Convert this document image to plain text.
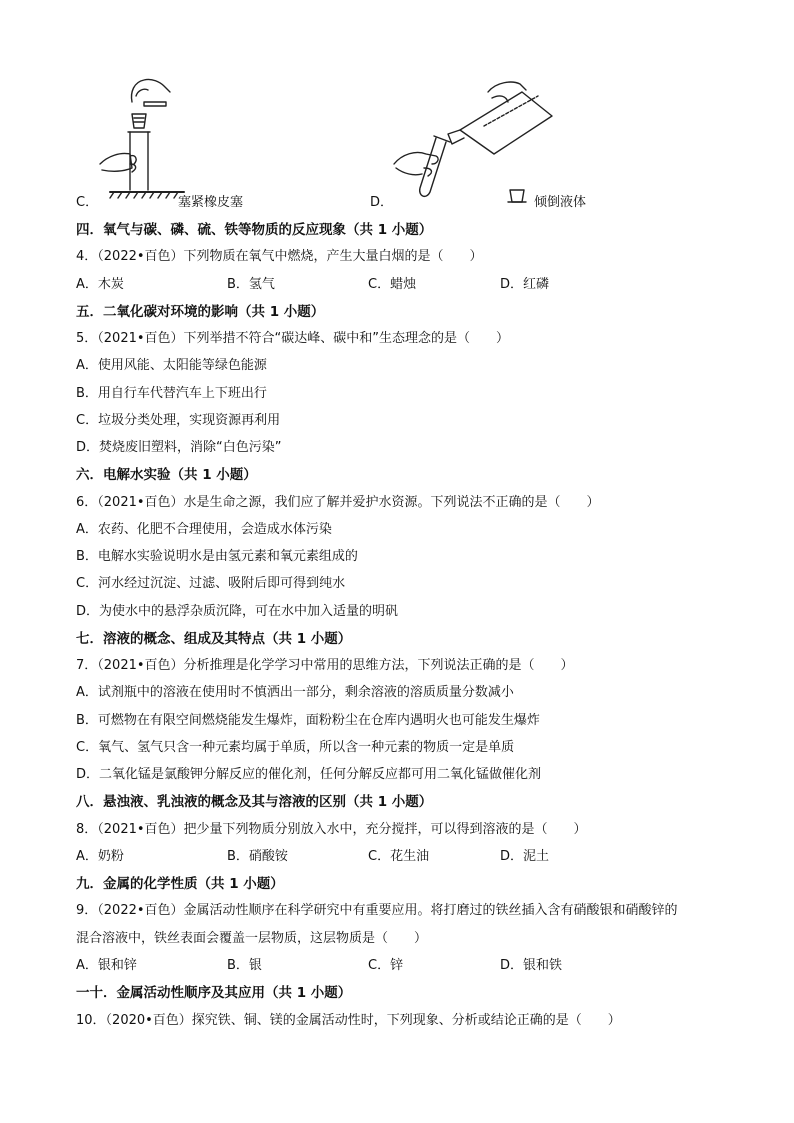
C．	塞紧橡皮塞	D．	倾倒液体
四．氧气与碳、磷、硫、铁等物质的反应现象（共 1 小题）
4．（2022•百色）下列物质在氧气中燃烧，产生大量白烟的是（　　）
A．木炭	B．氢气	C．蜡烛	D．红磷
五．二氧化碳对环境的影响（共 1 小题）
5．（2021•百色）下列举措不符合“碳达峰、碳中和”生态理念的是（　　）
A．使用风能、太阳能等绿色能源
B．用自行车代替汽车上下班出行
C．垃圾分类处理，实现资源再利用
D．焚烧废旧塑料，消除“白色污染”
六．电解水实验（共 1 小题）
6．（2021•百色）水是生命之源，我们应了解并爱护水资源。下列说法不正确的是（　　）
A．农药、化肥不合理使用，会造成水体污染
B．电解水实验说明水是由氢元素和氧元素组成的
C．河水经过沉淀、过滤、吸附后即可得到纯水
D．为使水中的悬浮杂质沉降，可在水中加入适量的明矾
七．溶液的概念、组成及其特点（共 1 小题）
7．（2021•百色）分析推理是化学学习中常用的思维方法，下列说法正确的是（　　）
A．试剂瓶中的溶液在使用时不慎洒出一部分，剩余溶液的溶质质量分数减小
B．可燃物在有限空间燃烧能发生爆炸，面粉粉尘在仓库内遇明火也可能发生爆炸
C．氧气、氢气只含一种元素均属于单质，所以含一种元素的物质一定是单质
D．二氧化锰是氯酸钾分解反应的催化剂，任何分解反应都可用二氧化锰做催化剂
八．悬浊液、乳浊液的概念及其与溶液的区别（共 1 小题）
8．（2021•百色）把少量下列物质分别放入水中，充分搅拌，可以得到溶液的是（　　）
A．奶粉	B．硝酸铵	C．花生油	D．泥土
九．金属的化学性质（共 1 小题）
9．（2022•百色）金属活动性顺序在科学研究中有重要应用。将打磨过的铁丝插入含有硝酸银和硝酸锌的
混合溶液中，铁丝表面会覆盖一层物质，这层物质是（　　）
A．银和锌	B．银	C．锌	D．银和铁
一十．金属活动性顺序及其应用（共 1 小题）
10．（2020•百色）探究铁、铜、镁的金属活动性时，下列现象、分析或结论正确的是（　　）
